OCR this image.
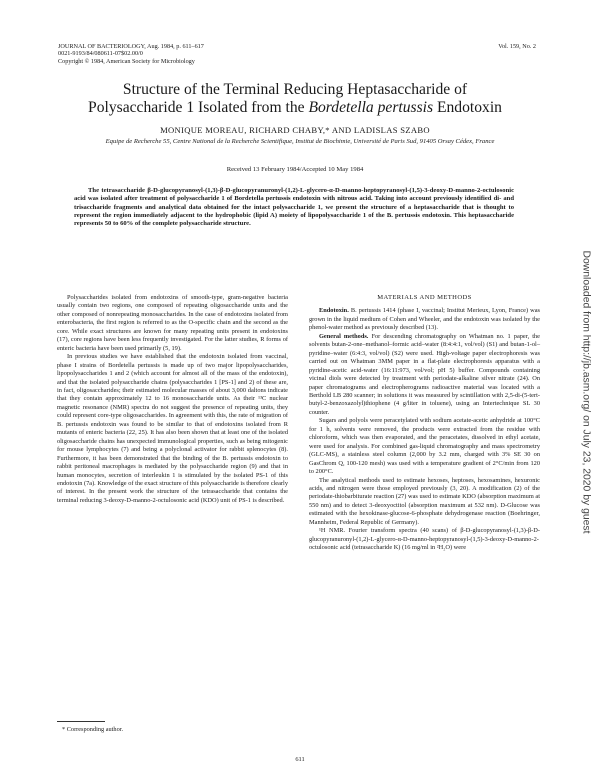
JOURNAL OF BACTERIOLOGY, Aug. 1984, p. 611–617
0021-9193/84/080611-07$02.00/0
Copyright © 1984, American Society for Microbiology
Vol. 159, No. 2
Structure of the Terminal Reducing Heptasaccharide of
Polysaccharide 1 Isolated from the Bordetella pertussis Endotoxin
MONIQUE MOREAU, RICHARD CHABY,* AND LADISLAS SZABO
Equipe de Recherche 55, Centre National de la Recherche Scientifique, Institut de Biochimie, Université de Paris Sud, 91405 Orsay Cédex, France
Received 13 February 1984/Accepted 10 May 1984
The tetrasaccharide β-D-glucopyranosyl-(1,3)-β-D-glucopyranuronyl-(1,2)-L-glycero-α-D-manno-heptopyranosyl-(1,5)-3-deoxy-D-manno-2-octulosonic acid was isolated after treatment of polysaccharide 1 of Bordetella pertussis endotoxin with nitrous acid. Taking into account previously identified di- and trisaccharide fragments and analytical data obtained for the intact polysaccharide 1, we present the structure of a heptasaccharide that is thought to represent the region immediately adjacent to the hydrophobic (lipid A) moiety of lipopolysaccharide 1 of the B. pertussis endotoxin. This heptasaccharide represents 50 to 60% of the complete polysaccharide structure.

Polysaccharides isolated from endotoxins of smooth-type, gram-negative bacteria usually contain two regions, one composed of repeating oligosaccharide units and the other composed of nonrepeating monosaccharides. In the case of endotoxins isolated from enterobacteria, the first region is referred to as the O-specific chain and the second as the core. While exact structures are known for many repeating units present in endotoxins (17), core regions have been less frequently investigated. For the latter studies, R forms of enteric bacteria have been used primarily (5, 19).

In previous studies we have established that the endotoxin isolated from vaccinal, phase I strains of Bordetella pertussis is made up of two major lipopolysaccharides, lipopolysaccharides 1 and 2 (which account for almost all of the mass of the endotoxin), and that the isolated polysaccharide chains (polysaccharides 1 [PS-1] and 2) of these are, in fact, oligosaccharides; their estimated molecular masses of about 3,000 daltons indicate that they contain approximately 12 to 16 monosaccharide units. As their ¹³C nuclear magnetic resonance (NMR) spectra do not suggest the presence of repeating units, they could represent core-type oligosaccharides. In agreement with this, the rate of migration of B. pertussis endotoxin was found to be similar to that of endotoxins isolated from R mutants of enteric bacteria (22, 25). It has also been shown that at least one of the isolated oligosaccharide chains has unexpected immunological properties, such as being mitogenic for mouse lymphocytes (7) and being a polyclonal activator for rabbit splenocytes (8). Furthermore, it has been demonstrated that the binding of the B. pertussis endotoxin to rabbit peritoneal macrophages is mediated by the polysaccharide region (9) and that in human monocytes, secretion of interleukin 1 is stimulated by the isolated PS-1 of this endotoxin (7a). Knowledge of the exact structure of this polysaccharide is therefore clearly of interest. In the present work the structure of the tetrasaccharide that contains the terminal reducing 3-deoxy-D-manno-2-octulosonic acid (KDO) unit of PS-1 is described.

MATERIALS AND METHODS

Endotoxin. B. pertussis 1414 (phase I, vaccinal; Institut Merieux, Lyon, France) was grown in the liquid medium of Cohen and Wheeler, and the endotoxin was isolated by the phenol-water method as previously described (13).

General methods. For descending chromatography on Whatman no. 1 paper, the solvents butan-2-one–methanol–formic acid–water (8:4:4:1, vol/vol) (S1) and butan-1-ol–pyridine–water (6:4:3, vol/vol) (S2) were used. High-voltage paper electrophoresis was carried out on Whatman 3MM paper in a flat-plate electrophoresis apparatus with a pyridine-acetic acid-water (16:11:973, vol/vol; pH 5) buffer. Compounds containing vicinal diols were detected by treatment with periodate-alkaline silver nitrate (24). On paper chromatograms and electropherograms radioactive material was located with a Berthold LB 280 scanner; in solutions it was measured by scintillation with 2,5-di-(5-tert-butyl-2-benzoxazolyl)thiophene (4 g/liter in toluene), using an Intertechnique SL 30 counter.

Sugars and polyols were peracetylated with sodium acetate-acetic anhydride at 100°C for 1 h, solvents were removed, the products were extracted from the residue with chloroform, which was then evaporated, and the peracetates, dissolved in ethyl acetate, were used for analysis. For combined gas-liquid chromatography and mass spectrometry (GLC-MS), a stainless steel column (2,000 by 3.2 mm, charged with 3% SE 30 on GasChrom Q, 100-120 mesh) was used with a temperature gradient of 2°C/min from 120 to 200°C.

The analytical methods used to estimate hexoses, heptoses, hexosamines, hexuronic acids, and nitrogen were those employed previously (3, 20). A modification (2) of the periodate-thiobarbiturate reaction (27) was used to estimate KDO (absorption maximum at 550 nm) and to detect 3-deoxyoctitol (absorption maximum at 532 nm). D-Glucose was estimated with the hexokinase-glucose-6-phosphate dehydrogenase reaction (Boehringer, Mannheim, Federal Republic of Germany).

¹H NMR. Fourier transform spectra (40 scans) of β-D-glucopyranosyl-(1,3)-β-D-glucopyranuronyl-(1,2)-L-glycero-α-D-manno-heptopyranosyl-(1,5)-3-deoxy-D-manno-2-octulosonic acid (tetrasaccharide K) (16 mg/ml in ²H₂O) were

* Corresponding author.
611
Downloaded from http://jb.asm.org/ on July 23, 2020 by guest
